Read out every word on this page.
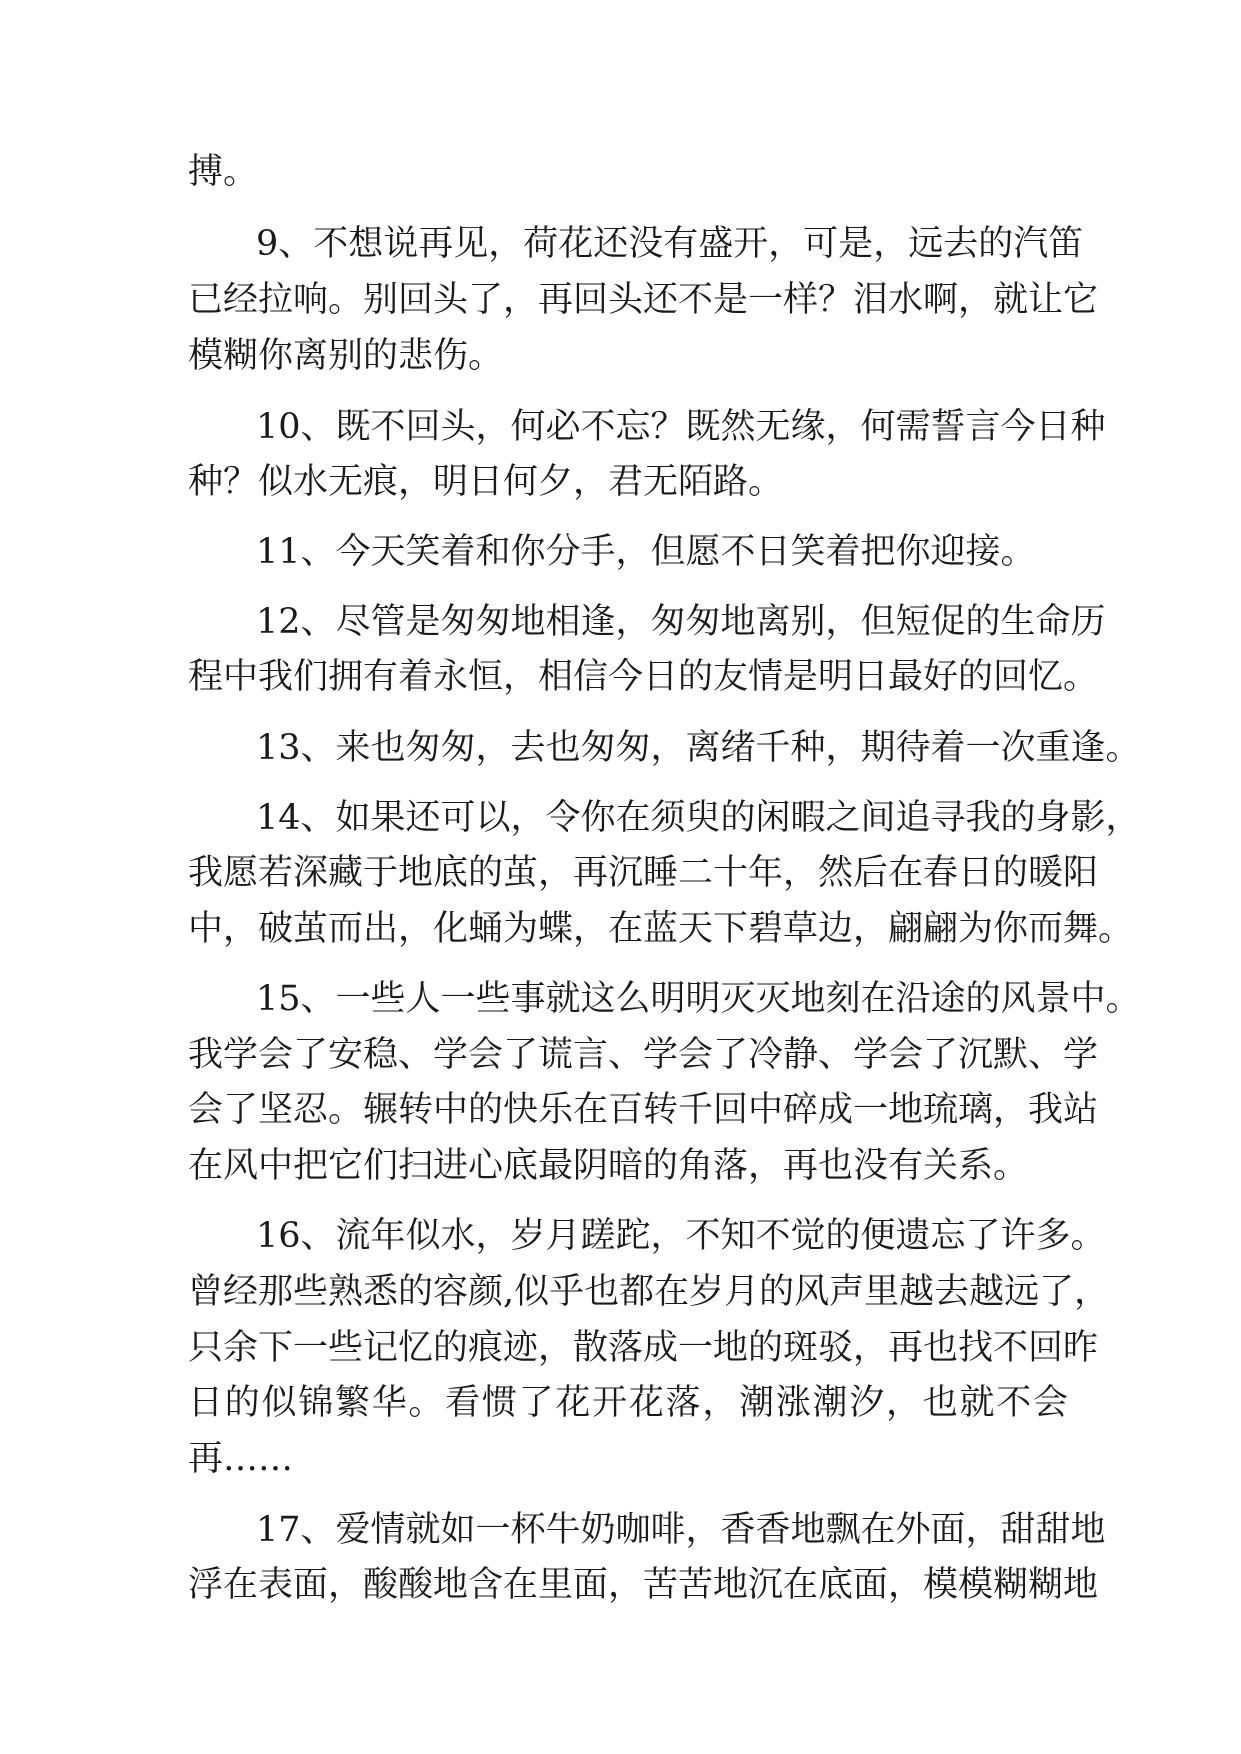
搏。
9、不想说再见，荷花还没有盛开，可是，远去的汽笛
已经拉响。别回头了，再回头还不是一样？泪水啊，就让它
模糊你离别的悲伤。
10、既不回头，何必不忘？既然无缘，何需誓言今日种
种？似水无痕，明日何夕，君无陌路。
11、今天笑着和你分手，但愿不日笑着把你迎接。
12、尽管是匆匆地相逢，匆匆地离别，但短促的生命历
程中我们拥有着永恒，相信今日的友情是明日最好的回忆。
13、来也匆匆，去也匆匆，离绪千种，期待着一次重逢。
14、如果还可以，令你在须臾的闲暇之间追寻我的身影，
我愿若深藏于地底的茧，再沉睡二十年，然后在春日的暖阳
中，破茧而出，化蛹为蝶，在蓝天下碧草边，翩翩为你而舞。
15、一些人一些事就这么明明灭灭地刻在沿途的风景中。
我学会了安稳、学会了谎言、学会了冷静、学会了沉默、学
会了坚忍。辗转中的快乐在百转千回中碎成一地琉璃，我站
在风中把它们扫进心底最阴暗的角落，再也没有关系。
16、流年似水，岁月蹉跎，不知不觉的便遗忘了许多。
曾经那些熟悉的容颜,似乎也都在岁月的风声里越去越远了，
只余下一些记忆的痕迹，散落成一地的斑驳，再也找不回昨
日的似锦繁华。看惯了花开花落，潮涨潮汐，也就不会
再……
17、爱情就如一杯牛奶咖啡，香香地飘在外面，甜甜地
浮在表面，酸酸地含在里面，苦苦地沉在底面，模模糊糊地
